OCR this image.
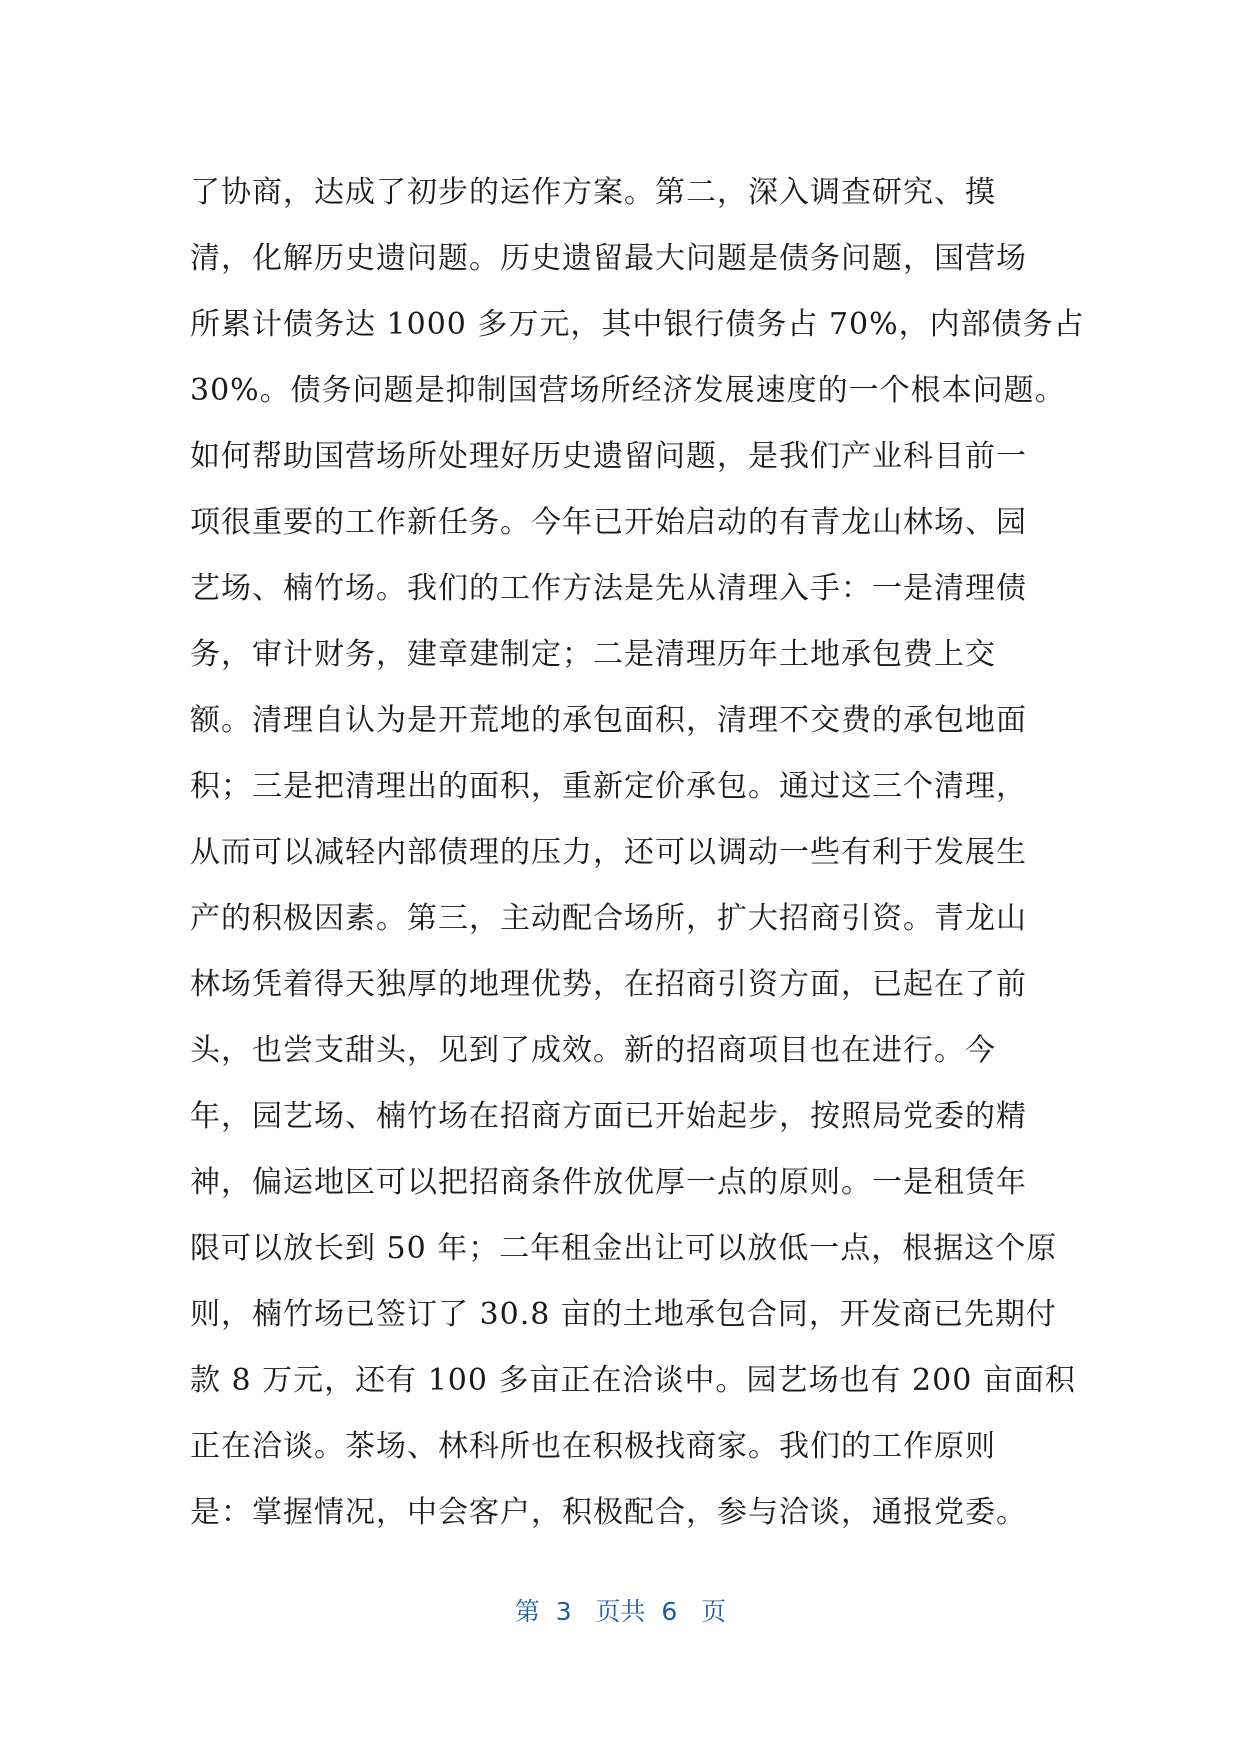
了协商，达成了初步的运作方案。第二，深入调查研究、摸
清，化解历史遗问题。历史遗留最大问题是债务问题，国营场
所累计债务达 1000 多万元，其中银行债务占 70%，内部债务占
30%。债务问题是抑制国营场所经济发展速度的一个根本问题。
如何帮助国营场所处理好历史遗留问题，是我们产业科目前一
项很重要的工作新任务。今年已开始启动的有青龙山林场、园
艺场、楠竹场。我们的工作方法是先从清理入手：一是清理债
务，审计财务，建章建制定；二是清理历年土地承包费上交
额。清理自认为是开荒地的承包面积，清理不交费的承包地面
积；三是把清理出的面积，重新定价承包。通过这三个清理，
从而可以减轻内部债理的压力，还可以调动一些有利于发展生
产的积极因素。第三，主动配合场所，扩大招商引资。青龙山
林场凭着得天独厚的地理优势，在招商引资方面，已起在了前
头，也尝支甜头，见到了成效。新的招商项目也在进行。今
年，园艺场、楠竹场在招商方面已开始起步，按照局党委的精
神，偏运地区可以把招商条件放优厚一点的原则。一是租赁年
限可以放长到 50 年；二年租金出让可以放低一点，根据这个原
则，楠竹场已签订了 30.8 亩的土地承包合同，开发商已先期付
款 8 万元，还有 100 多亩正在洽谈中。园艺场也有 200 亩面积
正在洽谈。茶场、林科所也在积极找商家。我们的工作原则
是：掌握情况，中会客户，积极配合，参与洽谈，通报党委。
第  3   页共  6   页
